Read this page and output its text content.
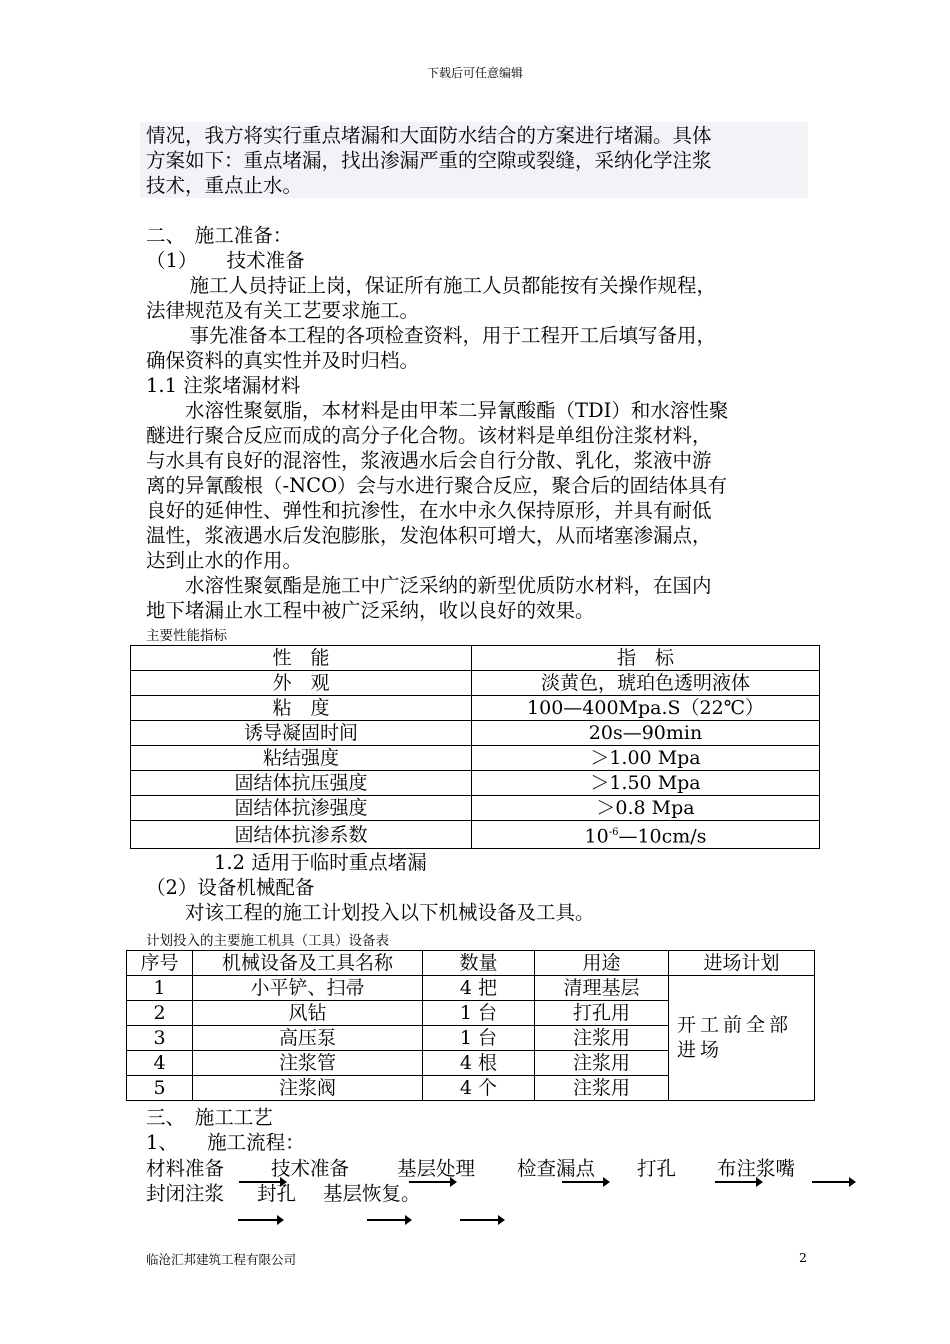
下载后可任意编辑
情况，我方将实行重点堵漏和大面防水结合的方案进行堵漏。具体
方案如下：重点堵漏，找出渗漏严重的空隙或裂缝，采纳化学注浆
技术，重点止水。
二、　施工准备：
（1）　　技术准备
　施工人员持证上岗，保证所有施工人员都能按有关操作规程，
法律规范及有关工艺要求施工。
　事先准备本工程的各项检查资料，用于工程开工后填写备用，
确保资料的真实性并及时归档。
1.1 注浆堵漏材料
水溶性聚氨脂，本材料是由甲苯二异氰酸酯（TDI）和水溶性聚
醚进行聚合反应而成的高分子化合物。该材料是单组份注浆材料，
与水具有良好的混溶性，浆液遇水后会自行分散、乳化，浆液中游
离的异氰酸根（-NCO）会与水进行聚合反应，聚合后的固结体具有
良好的延伸性、弹性和抗渗性，在水中永久保持原形，并具有耐低
温性，浆液遇水后发泡膨胀，发泡体积可增大，从而堵塞渗漏点，
达到止水的作用。
水溶性聚氨酯是施工中广泛采纳的新型优质防水材料，在国内
地下堵漏止水工程中被广泛采纳，收以良好的效果。
主要性能指标
性　能	指　标
外　观	淡黄色，琥珀色透明液体
粘　度	100—400Mpa.S（22℃）
诱导凝固时间	20s—90min
粘结强度	＞1.00 Mpa
固结体抗压强度	＞1.50 Mpa
固结体抗渗强度	＞0.8 Mpa
固结体抗渗系数	$10^{-6}—10cm/s$
1.2 适用于临时重点堵漏
（2）设备机械配备
对该工程的施工计划投入以下机械设备及工具。
计划投入的主要施工机具（工具）设备表
序号	机械设备及工具名称	数量	用途	进场计划
1	小平铲、扫帚	4 把	清理基层	开工前全部进场
2	风钻	1 台	打孔用	
3	高压泵	1 台	注浆用	
4	注浆管	4 根	注浆用	
5	注浆阀	4 个	注浆用	
三、　施工工艺
1、　　施工流程：
材料准备 技术准备 基层处理 检查漏点 打孔 布注浆嘴
封闭注浆 封孔 基层恢复。
临沧汇邦建筑工程有限公司	2
